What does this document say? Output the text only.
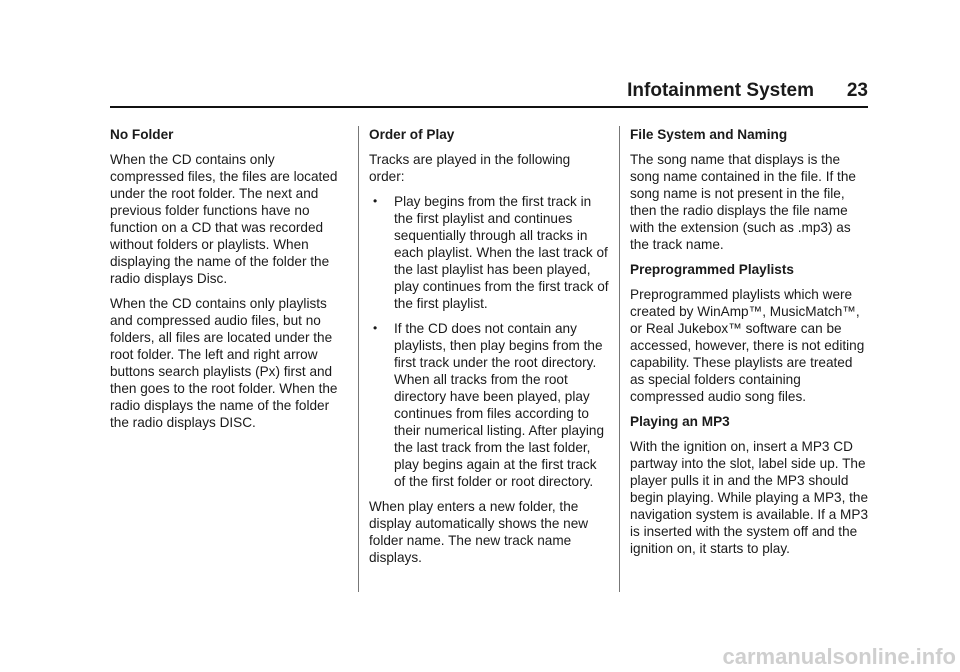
Infotainment System 23

No Folder

When the CD contains only compressed files, the files are located under the root folder. The next and previous folder functions have no function on a CD that was recorded without folders or playlists. When displaying the name of the folder the radio displays Disc.

When the CD contains only playlists and compressed audio files, but no folders, all files are located under the root folder. The left and right arrow buttons search playlists (Px) first and then goes to the root folder. When the radio displays the name of the folder the radio displays DISC.

Order of Play

Tracks are played in the following order:

• Play begins from the first track in the first playlist and continues sequentially through all tracks in each playlist. When the last track of the last playlist has been played, play continues from the first track of the first playlist.
• If the CD does not contain any playlists, then play begins from the first track under the root directory. When all tracks from the root directory have been played, play continues from files according to their numerical listing. After playing the last track from the last folder, play begins again at the first track of the first folder or root directory.

When play enters a new folder, the display automatically shows the new folder name. The new track name displays.

File System and Naming

The song name that displays is the song name contained in the file. If the song name is not present in the file, then the radio displays the file name with the extension (such as .mp3) as the track name.

Preprogrammed Playlists

Preprogrammed playlists which were created by WinAmp™, MusicMatch™, or Real Jukebox™ software can be accessed, however, there is not editing capability. These playlists are treated as special folders containing compressed audio song files.

Playing an MP3

With the ignition on, insert a MP3 CD partway into the slot, label side up. The player pulls it in and the MP3 should begin playing. While playing a MP3, the navigation system is available. If a MP3 is inserted with the system off and the ignition on, it starts to play.

carmanualsonline.info
